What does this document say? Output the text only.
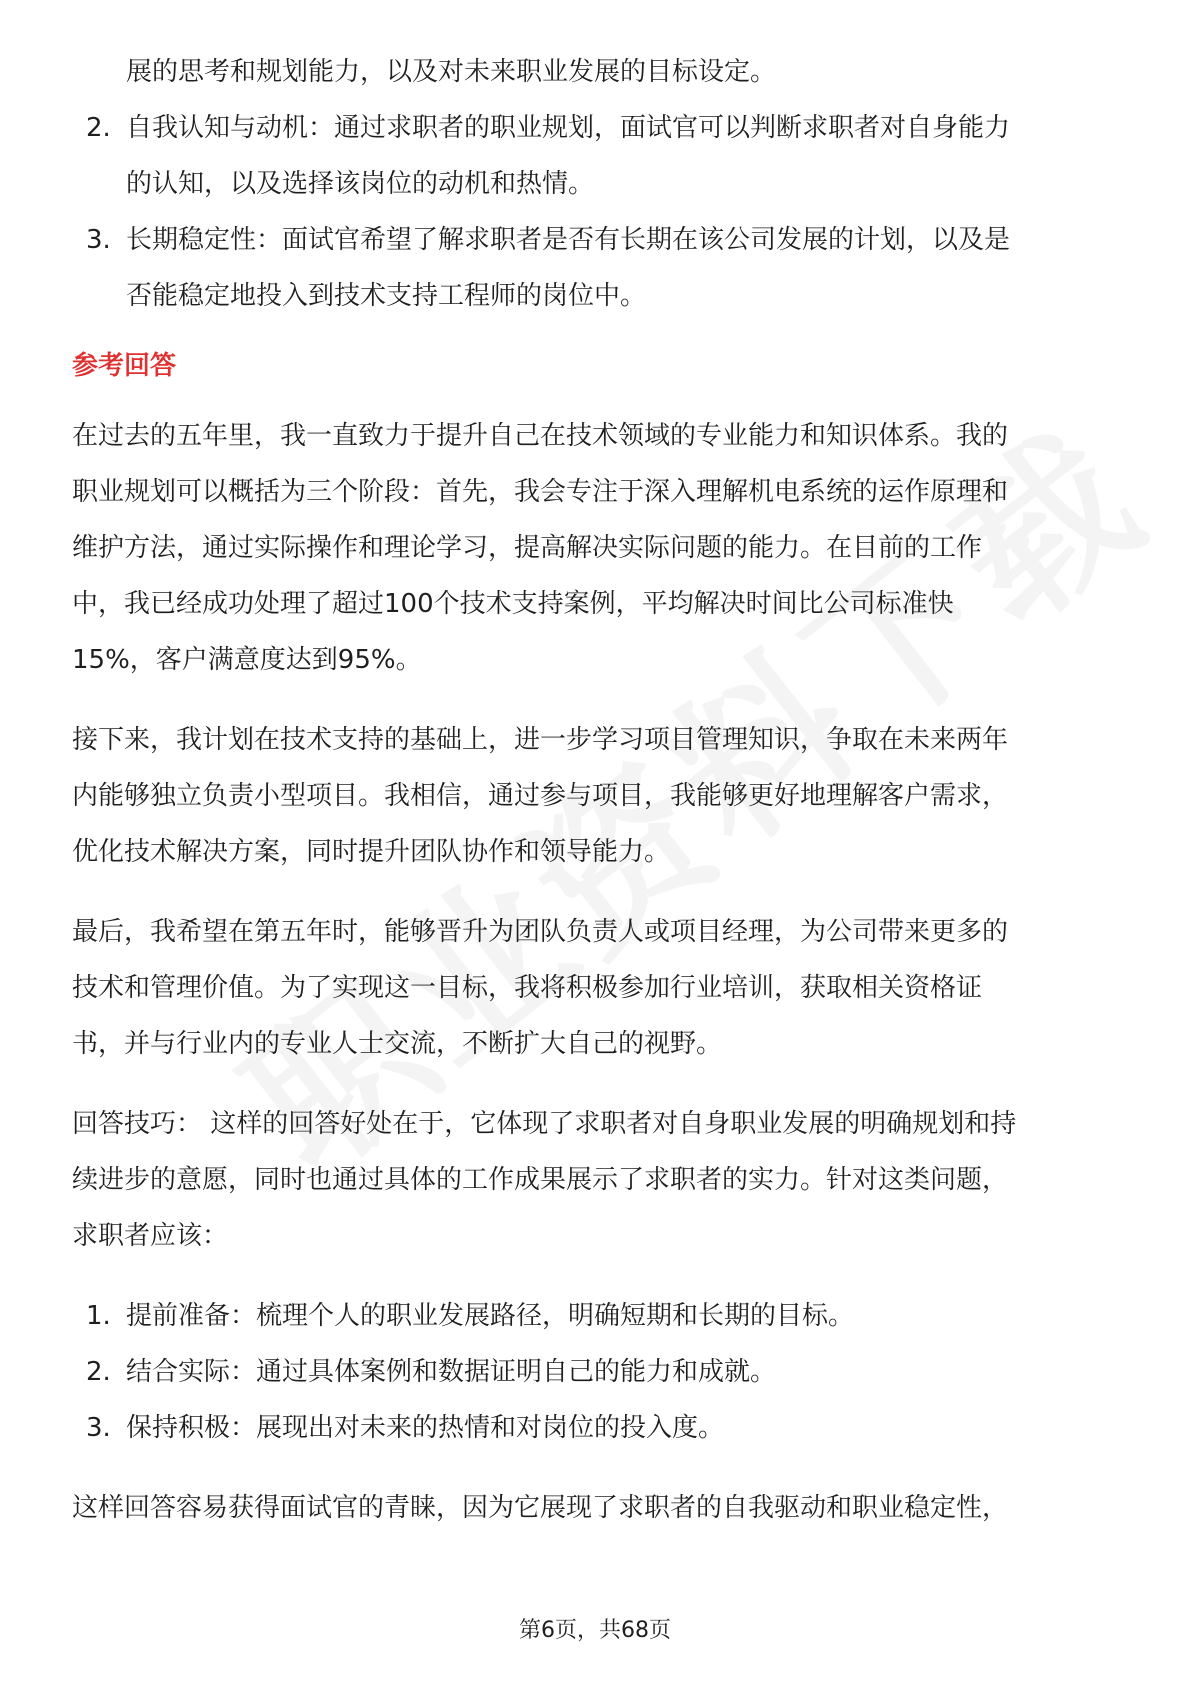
展的思考和规划能力，以及对未来职业发展的目标设定。
2. 自我认知与动机：通过求职者的职业规划，面试官可以判断求职者对自身能力
的认知，以及选择该岗位的动机和热情。
3. 长期稳定性：面试官希望了解求职者是否有长期在该公司发展的计划，以及是
否能稳定地投入到技术支持工程师的岗位中。
参考回答
在过去的五年里，我一直致力于提升自己在技术领域的专业能力和知识体系。我的
职业规划可以概括为三个阶段：首先，我会专注于深入理解机电系统的运作原理和
维护方法，通过实际操作和理论学习，提高解决实际问题的能力。在目前的工作
中，我已经成功处理了超过100个技术支持案例，平均解决时间比公司标准快
15%，客户满意度达到95%。
接下来，我计划在技术支持的基础上，进一步学习项目管理知识，争取在未来两年
内能够独立负责小型项目。我相信，通过参与项目，我能够更好地理解客户需求，
优化技术解决方案，同时提升团队协作和领导能力。
最后，我希望在第五年时，能够晋升为团队负责人或项目经理，为公司带来更多的
技术和管理价值。为了实现这一目标，我将积极参加行业培训，获取相关资格证
书，并与行业内的专业人士交流，不断扩大自己的视野。
回答技巧： 这样的回答好处在于，它体现了求职者对自身职业发展的明确规划和持
续进步的意愿，同时也通过具体的工作成果展示了求职者的实力。针对这类问题，
求职者应该：
1. 提前准备：梳理个人的职业发展路径，明确短期和长期的目标。
2. 结合实际：通过具体案例和数据证明自己的能力和成就。
3. 保持积极：展现出对未来的热情和对岗位的投入度。
这样回答容易获得面试官的青睐，因为它展现了求职者的自我驱动和职业稳定性，
第6页，共68页
